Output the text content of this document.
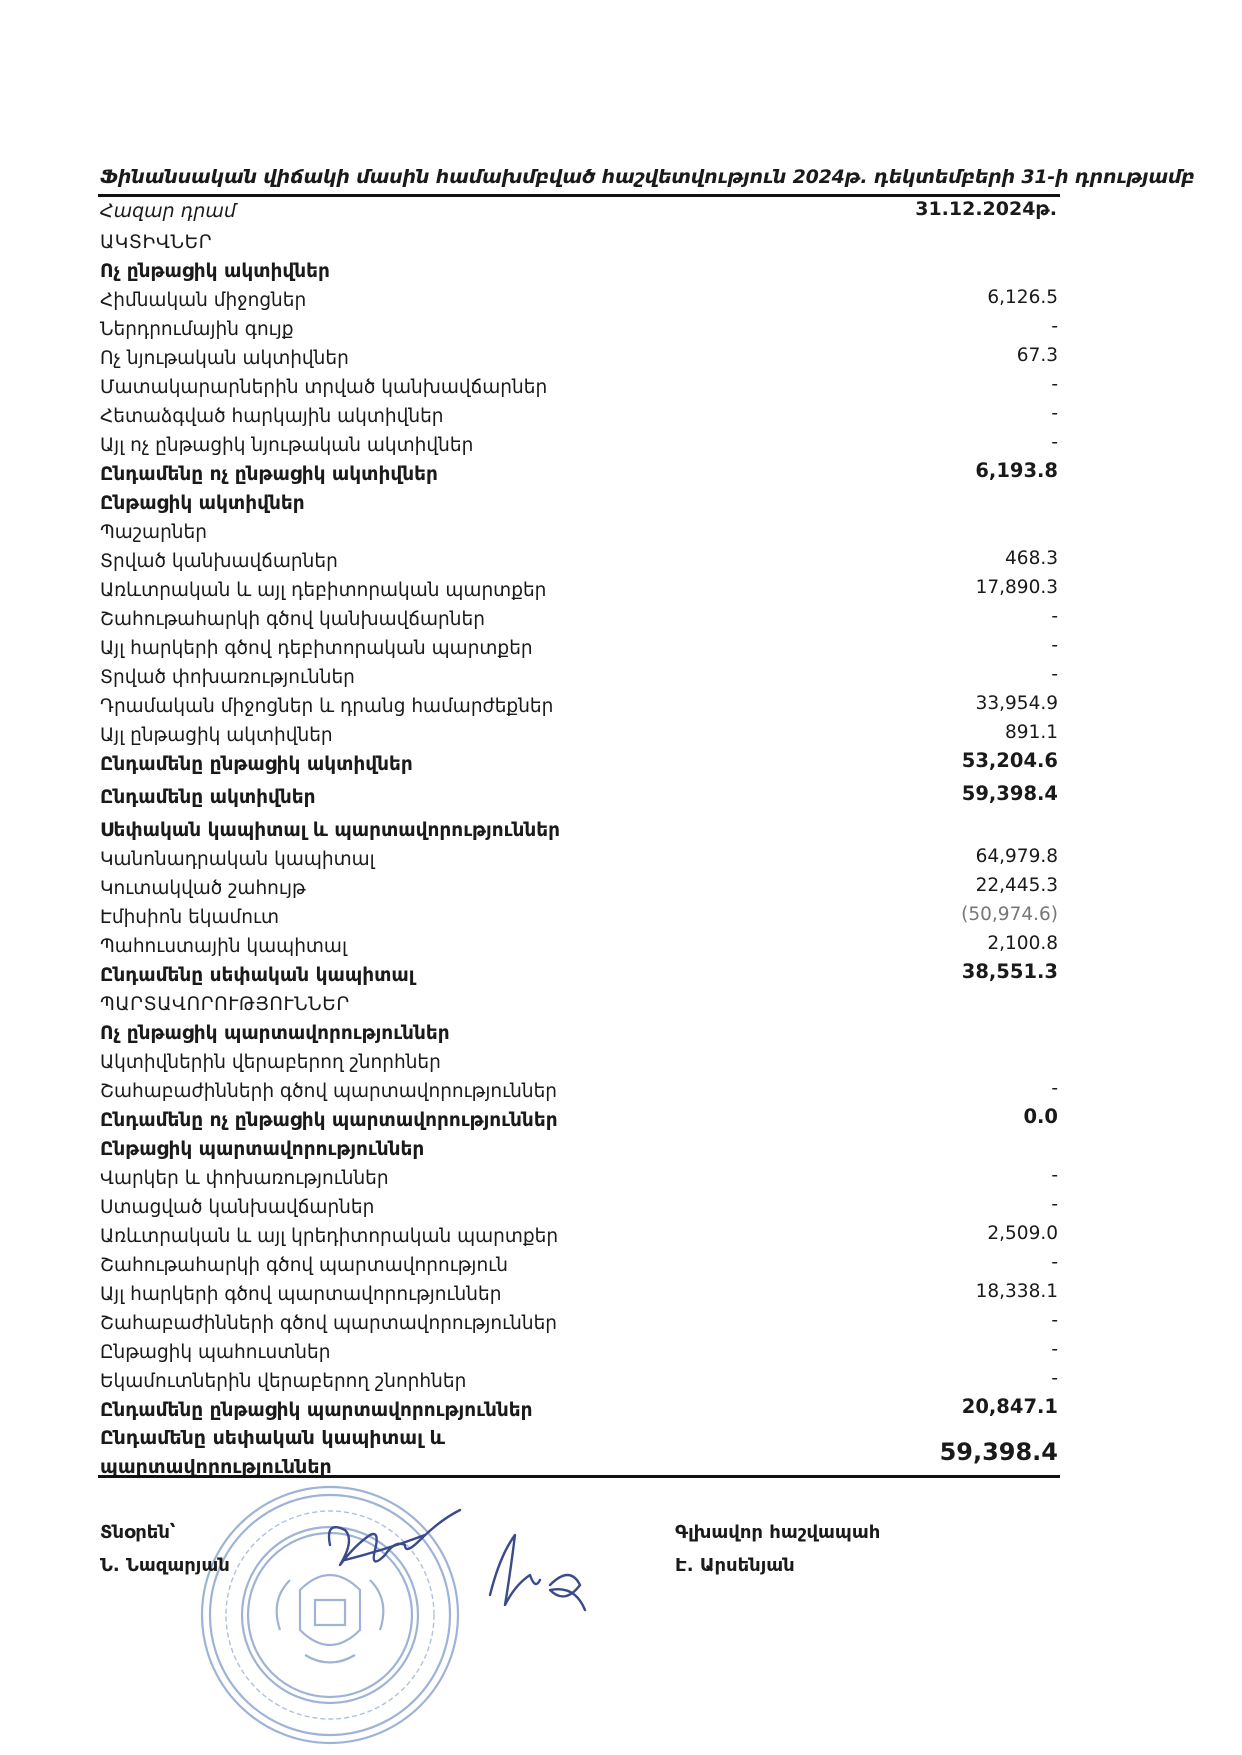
Ֆինանսական վիճակի մասին համախմբված հաշվետվություն 2024թ. դեկտեմբերի 31-ի դրությամբ
Հազար դրամ	31.12.2024թ.
ԱԿՏԻՎՆԵՐ
Ոչ ընթացիկ ակտիվներ
Հիմնական միջոցներ	6,126.5
Ներդրումային գույք	-
Ոչ նյութական ակտիվներ	67.3
Մատակարարներին տրված կանխավճարներ	-
Հետաձգված հարկային ակտիվներ	-
Այլ ոչ ընթացիկ նյութական ակտիվներ	-
Ընդամենը ոչ ընթացիկ ակտիվներ	6,193.8
Ընթացիկ ակտիվներ
Պաշարներ
Տրված կանխավճարներ	468.3
Առևտրական և այլ դեբիտորական պարտքեր	17,890.3
Շահութահարկի գծով կանխավճարներ	-
Այլ հարկերի գծով դեբիտորական պարտքեր	-
Տրված փոխառություններ	-
Դրամական միջոցներ և դրանց համարժեքներ	33,954.9
Այլ ընթացիկ ակտիվներ	891.1
Ընդամենը ընթացիկ ակտիվներ	53,204.6
Ընդամենը ակտիվներ	59,398.4
Սեփական կապիտալ և պարտավորություններ
Կանոնադրական կապիտալ	64,979.8
Կուտակված շահույթ	22,445.3
Էմիսիոն եկամուտ	(50,974.6)
Պահուստային կապիտալ	2,100.8
Ընդամենը սեփական կապիտալ	38,551.3
ՊԱՐՏԱՎՈՐՈՒԹՅՈՒՆՆԵՐ
Ոչ ընթացիկ պարտավորություններ
Ակտիվներին վերաբերող շնորհներ
Շահաբաժինների գծով պարտավորություններ	-
Ընդամենը ոչ ընթացիկ պարտավորություններ	0.0
Ընթացիկ պարտավորություններ
Վարկեր և փոխառություններ	-
Ստացված կանխավճարներ	-
Առևտրական և այլ կրեդիտորական պարտքեր	2,509.0
Շահութահարկի գծով պարտավորություն	-
Այլ հարկերի գծով պարտավորություններ	18,338.1
Շահաբաժինների գծով պարտավորություններ	-
Ընթացիկ պահուստներ	-
Եկամուտներին վերաբերող շնորհներ	-
Ընդամենը ընթացիկ պարտավորություններ	20,847.1
Ընդամենը սեփական կապիտալ և պարտավորություններ
59,398.4
Տնօրեն՝
Ն. Նազարյան
Գլխավոր հաշվապահ
Է. Արսենյան
